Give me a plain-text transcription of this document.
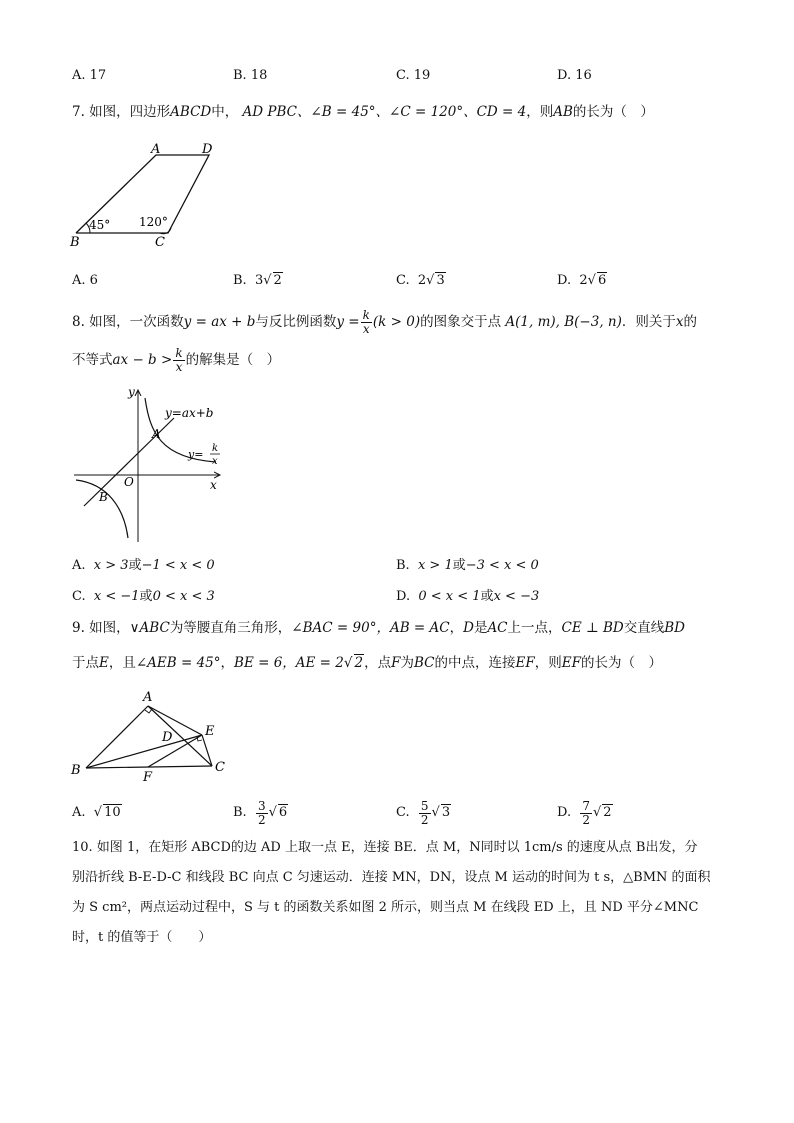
A. 17	B. 18	C. 19	D. 16
7. 如图，四边形ABCD中， AD PBC、∠B = 45°、∠C = 120°、CD = 4，则AB的长为（　）
A	D
B	C
45° 120°
A. 6	B. 3√ 2	C. 2√ 3	D. 2√ 6
8. 如图，一次函数 y = ax + b 与反比例函数 $y = \frac{k}{x} (k > 0)$ 的图象交于点
A(1, m), B(−3, n) ．则关于 x 的
不等式 ax − $b > \frac{k}{x}$ 的解集是（　）
y
x
O
A
B
y=ax+b
y= k
x
A. x > 3或−1 < x < 0	B. x > 1或−3 < x < 0
C. x < −1或0 < x < 3	D. 0 < x < 1或x < −3
9. 如图，∨ABC为等腰直角三角形，∠BAC = 90°，AB = AC，D是AC上一点，CE ⊥ BD交直线BD
于点E，且∠AEB = 45°，BE = 6，AE = 2√ 2，点F为BC的中点，连接EF，则EF的长为（　）
A
B	C
D	E
F
A.
√ 10	B.
$\frac{3}{2}$ √ 6	C.
$\frac{5}{2}$ √ 3	D.
$\frac{7}{2}$ √ 2
10. 如图 1，在矩形 ABCD的边 AD 上取一点 E，连接 BE．点 M，N同时以 1cm/s 的速度从点 B出发，分
别沿折线 B-E-D-C 和线段 BC 向点 C 匀速运动．连接 MN，DN，设点 M 运动的时间为 t s，△BMN 的面积
为 S cm²，两点运动过程中，S 与 t 的函数关系如图 2 所示，则当点 M 在线段 ED 上，且 ND 平分∠MNC
时，t 的值等于（　　）
